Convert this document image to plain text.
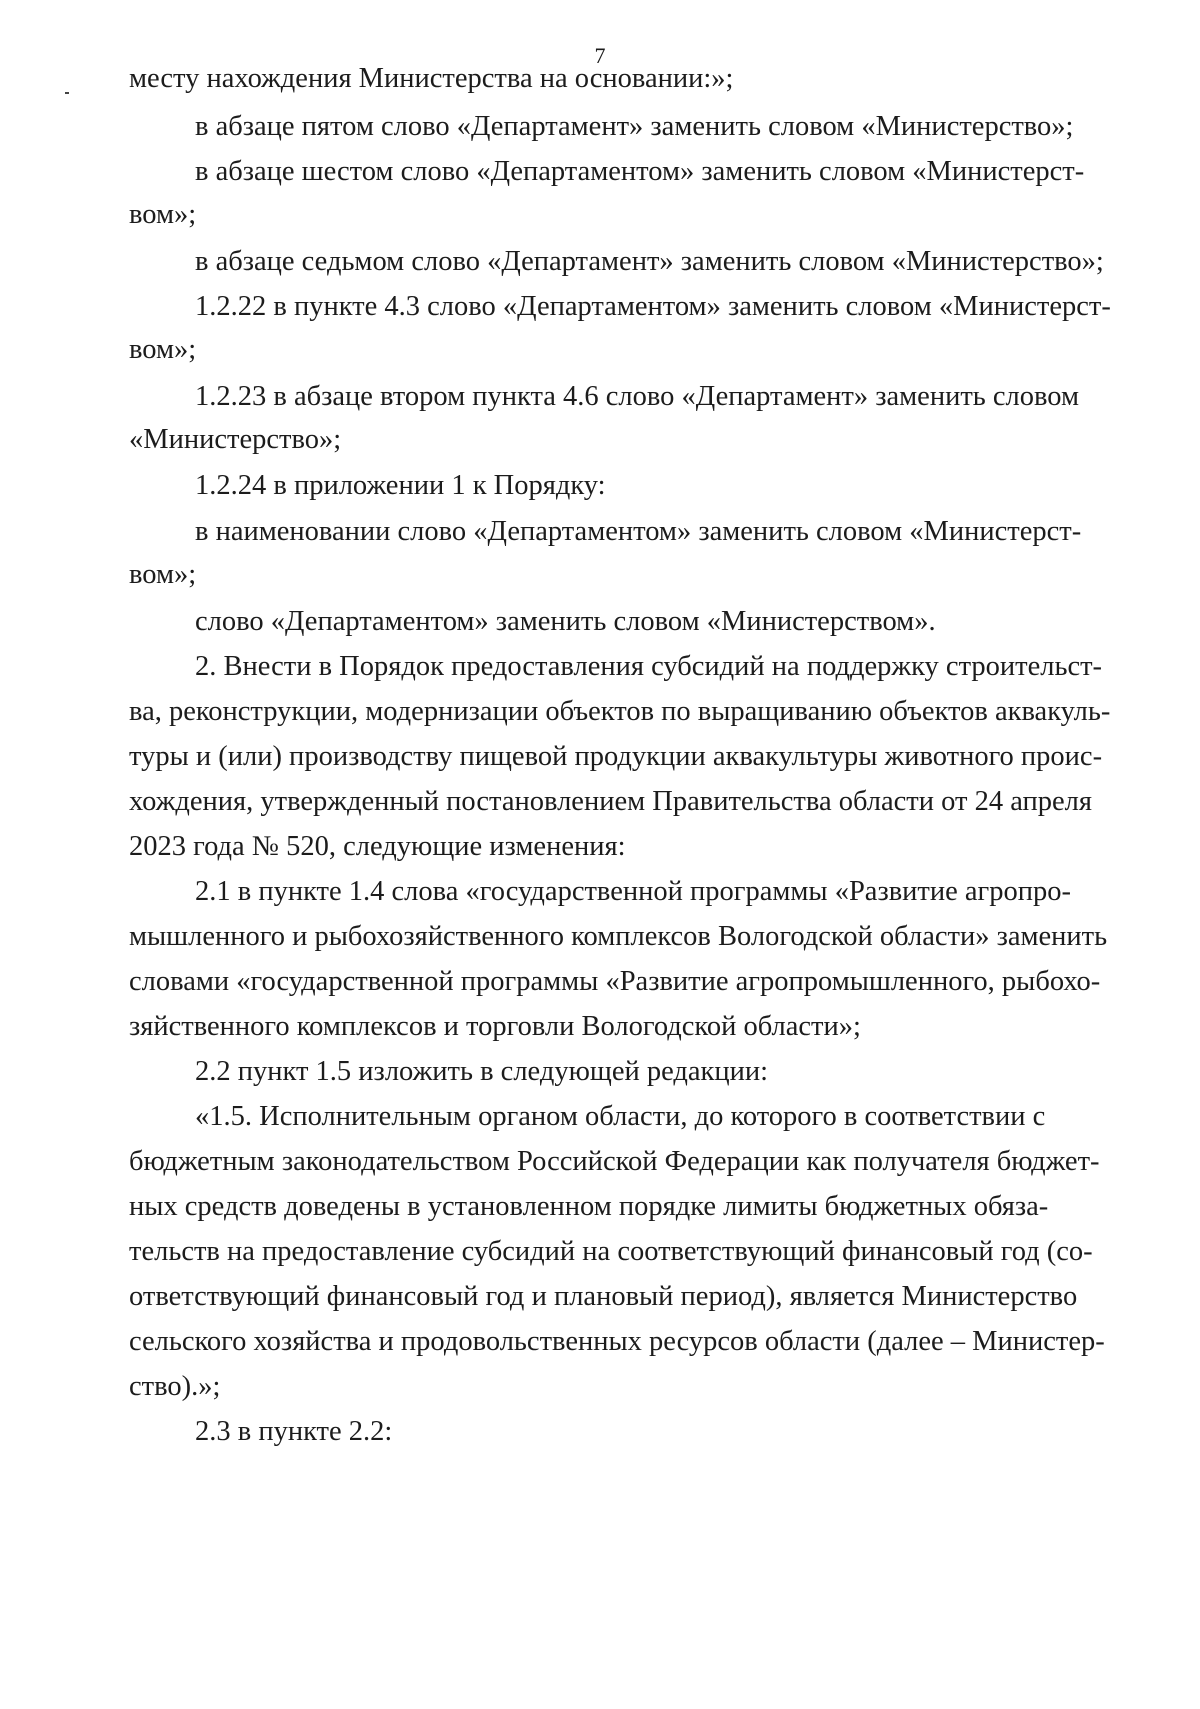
7
месту нахождения Министерства на основании:»;
в абзаце пятом слово «Департамент» заменить словом «Министерство»;
в абзаце шестом слово «Департаментом» заменить словом «Министерст-
вом»;
в абзаце седьмом слово «Департамент» заменить словом «Министерство»;
1.2.22 в пункте 4.3 слово «Департаментом» заменить словом «Министерст-
вом»;
1.2.23 в абзаце втором пункта 4.6 слово «Департамент» заменить словом
«Министерство»;
1.2.24 в приложении 1 к Порядку:
в наименовании слово «Департаментом» заменить словом «Министерст-
вом»;
слово «Департаментом» заменить словом «Министерством».
2. Внести в Порядок предоставления субсидий на поддержку строительст-
ва, реконструкции, модернизации объектов по выращиванию объектов аквакуль-
туры и (или) производству пищевой продукции аквакультуры животного проис-
хождения, утвержденный постановлением Правительства области от 24 апреля
2023 года № 520, следующие изменения:
2.1 в пункте 1.4 слова «государственной программы «Развитие агропро-
мышленного и рыбохозяйственного комплексов Вологодской области» заменить
словами «государственной программы «Развитие агропромышленного, рыбохо-
зяйственного комплексов и торговли Вологодской области»;
2.2 пункт 1.5 изложить в следующей редакции:
«1.5. Исполнительным органом области, до которого в соответствии с
бюджетным законодательством Российской Федерации как получателя бюджет-
ных средств доведены в установленном порядке лимиты бюджетных обяза-
тельств на предоставление субсидий на соответствующий финансовый год (со-
ответствующий финансовый год и плановый период), является Министерство
сельского хозяйства и продовольственных ресурсов области (далее – Министер-
ство).»;
2.3 в пункте 2.2:
